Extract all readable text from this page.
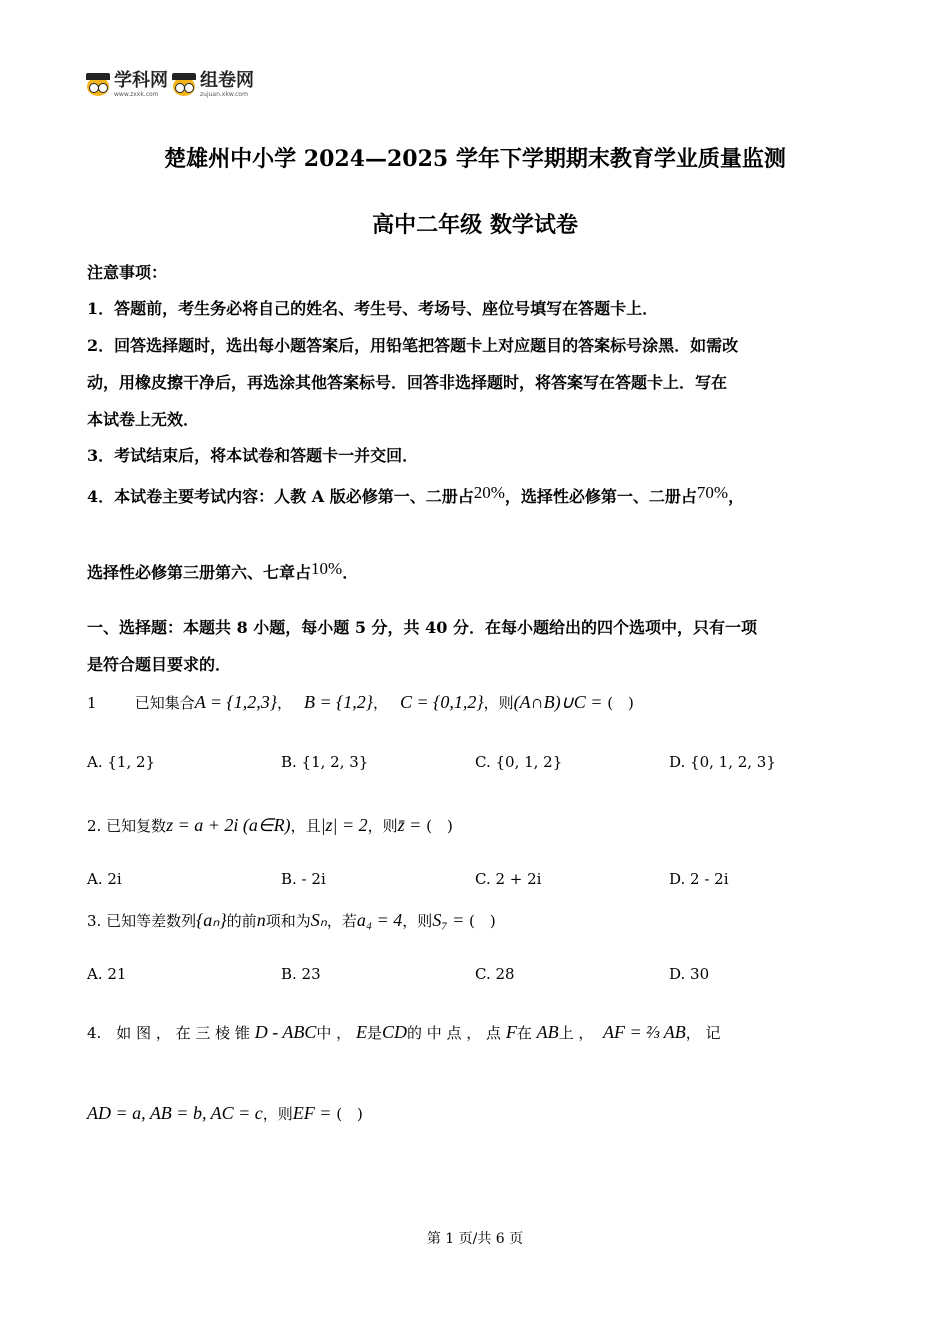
学科网
www.zxxk.com
组卷网
zujuan.xkw.com
楚雄州中小学 2024—2025 学年下学期期末教育学业质量监测
高中二年级 数学试卷
注意事项：
1．答题前，考生务必将自己的姓名、考生号、考场号、座位号填写在答题卡上．
2．回答选择题时，选出每小题答案后，用铅笔把答题卡上对应题目的答案标号涂黑．如需改
动，用橡皮擦干净后，再选涂其他答案标号．回答非选择题时，将答案写在答题卡上．写在
本试卷上无效．
3．考试结束后，将本试卷和答题卡一并交回．
4．本试卷主要考试内容：人教 A 版必修第一、二册占20%，选择性必修第一、二册占70%，
选择性必修第三册第六、七章占10%．
一、选择题：本题共 8 小题，每小题 5 分，共 40 分．在每小题给出的四个选项中，只有一项
是符合题目要求的．
1	已知集合A = {1,2,3}， B = {1,2}， C = {0,1,2}，则(A∩B)∪C = (　)
A. {1, 2}	B. {1, 2, 3}	C. {0, 1, 2}	D. {0, 1, 2, 3}
2. 已知复数z = a + 2i (a∈R)，且|z| = 2，则z̄ = (　)
A. 2i	B. - 2i	C. 2 + 2i	D. 2 - 2i
3. 已知等差数列{aₙ}的前n项和为Sₙ，若a₄ = 4，则S₇ = (　)
A. 21	B. 23	C. 28	D. 30
4.　如 图 ， 在 三 棱 锥 D - ABC中 ， E是CD的 中 点 ， 点 F在 AB上 ， AF = ⅔ AB， 记
AD = a, AB = b, AC = c，则EF = (　)
第 1 页/共 6 页
